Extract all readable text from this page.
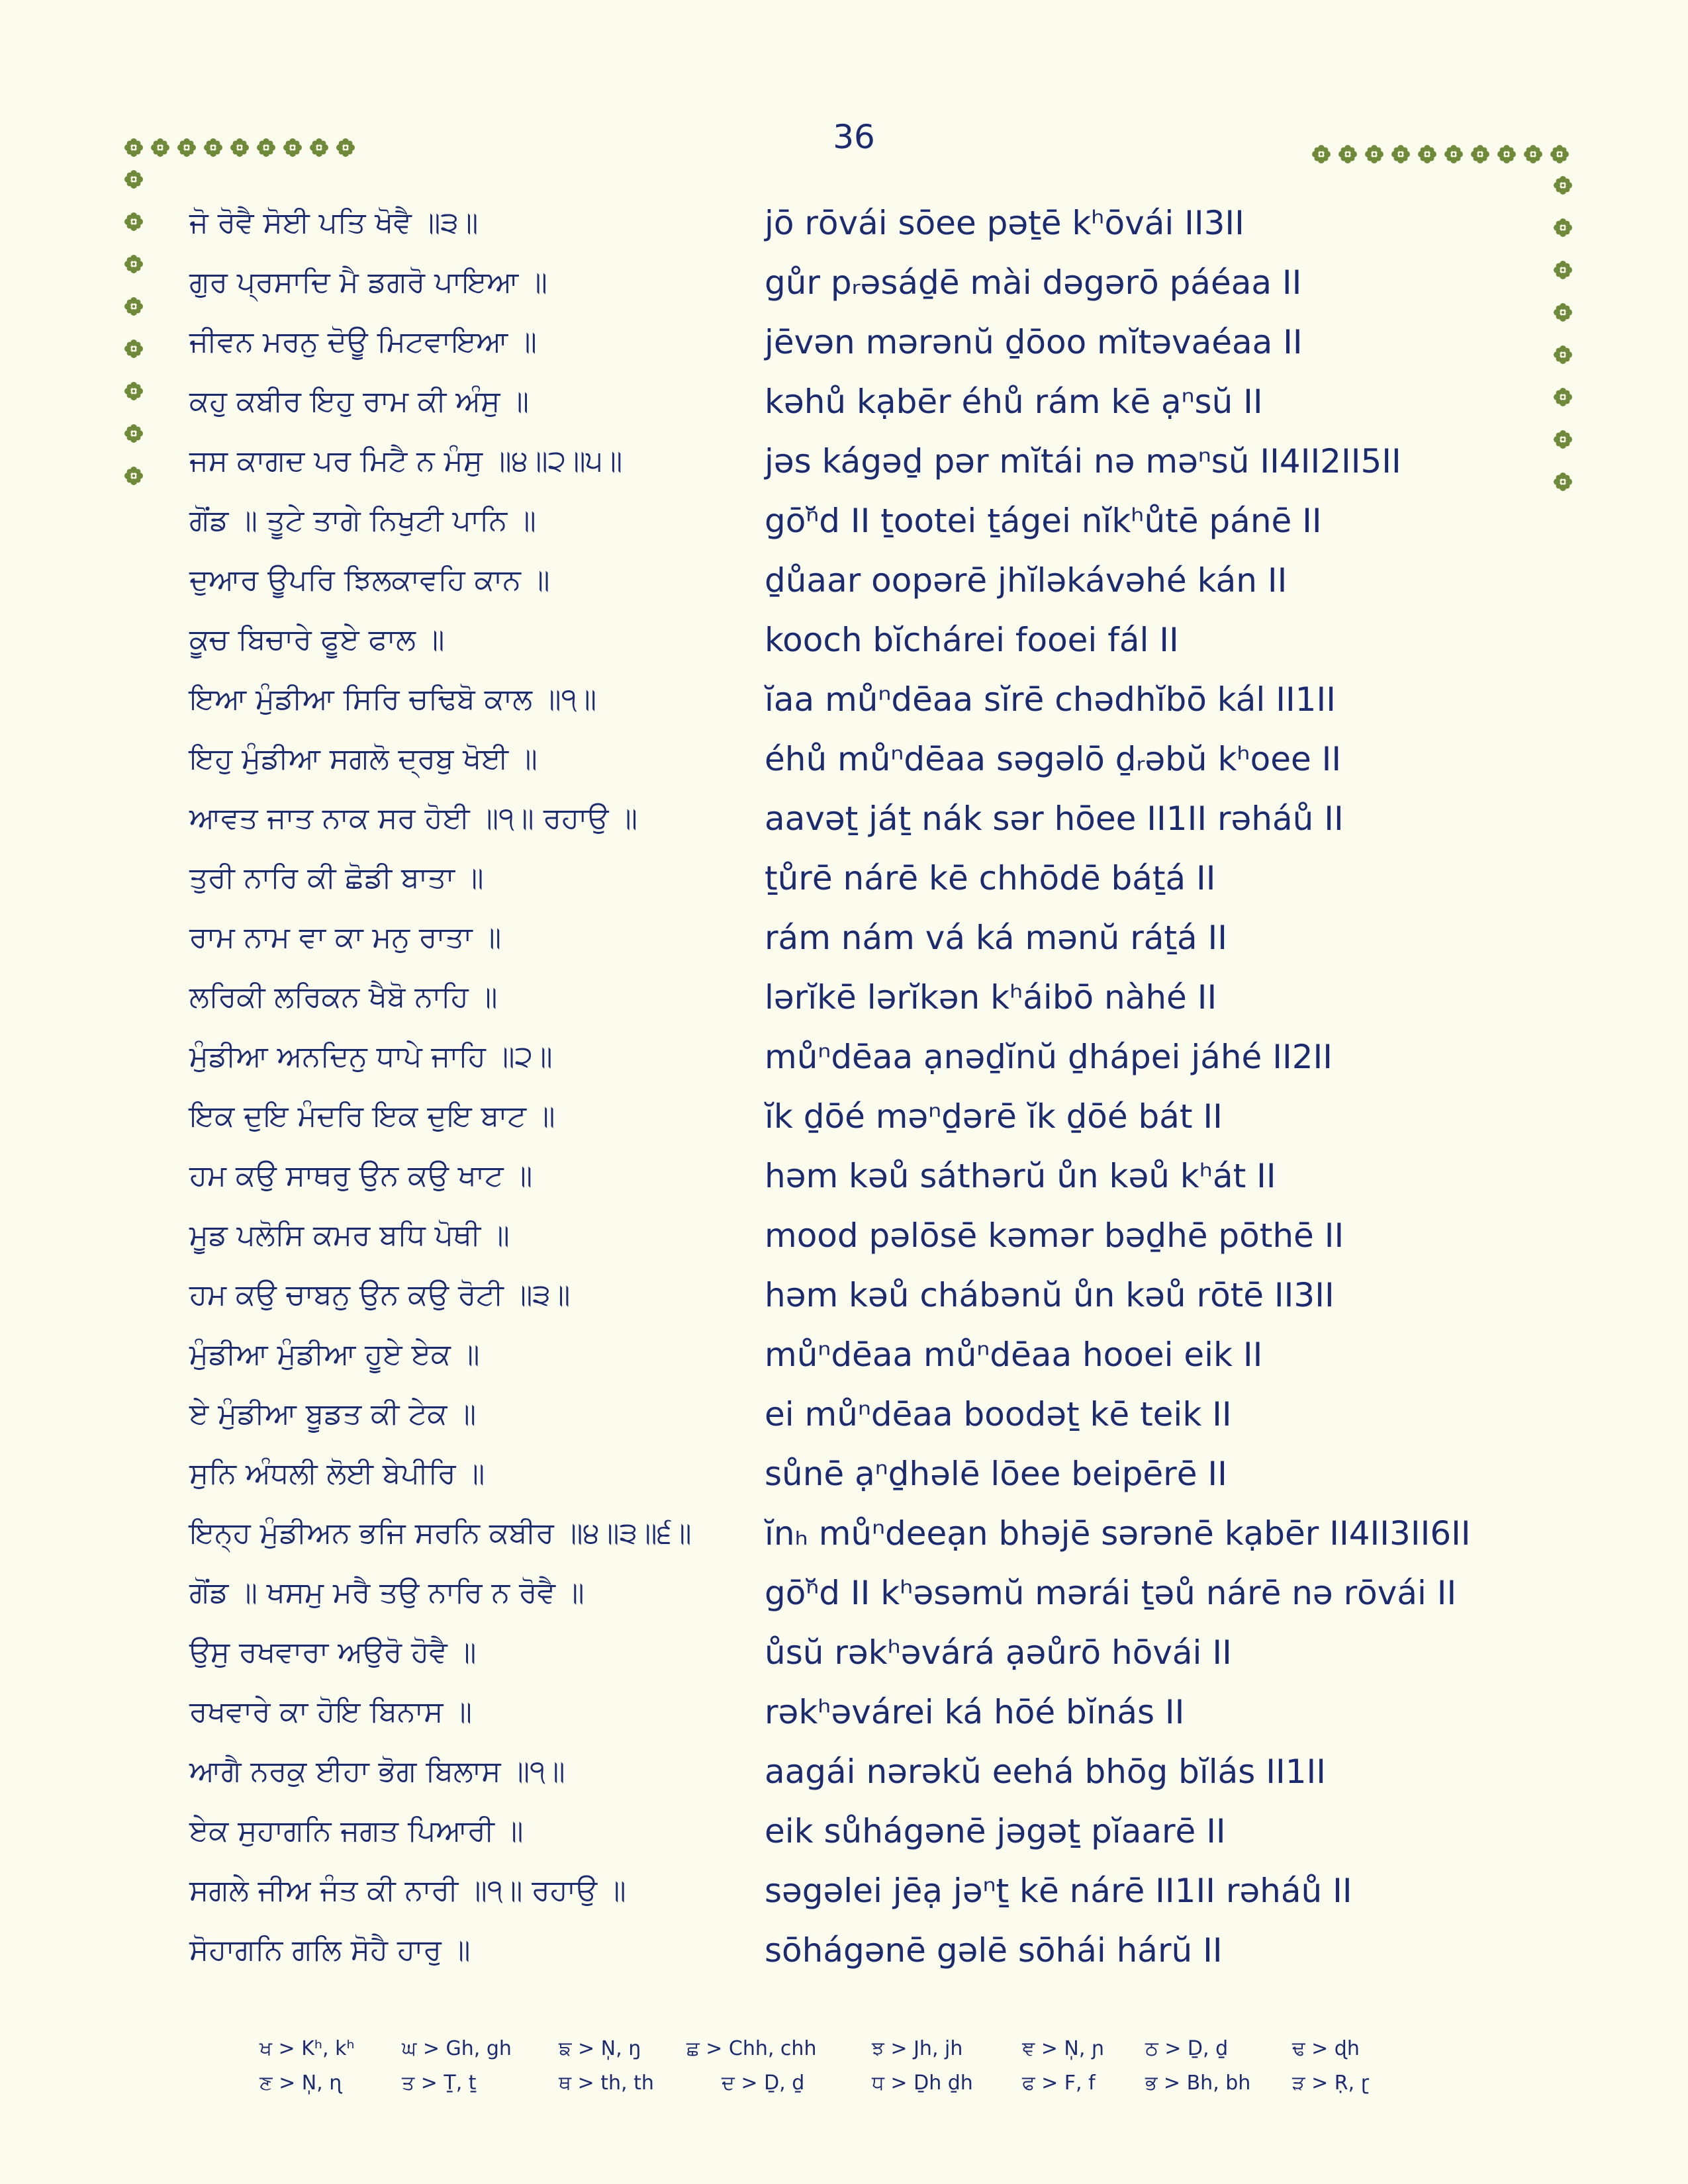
36
ਜੋ ਰੋਵੈ ਸੋਈ ਪਤਿ ਖੋਵੈ ॥੩॥	jō rōvái sōee pəṯē kʰōvái II3II
ਗੁਰ ਪ੍ਰਸਾਦਿ ਮੈ ਡਗਰੋ ਪਾਇਆ ॥	gůr pᵣəsáḏē mài dəgərō páéaa II
ਜੀਵਨ ਮਰਨੁ ਦੋਊ ਮਿਟਵਾਇਆ ॥	jēvən mərənŭ ḏōoo mĭtəvaéaa II
ਕਹੁ ਕਬੀਰ ਇਹੁ ਰਾਮ ਕੀ ਅੰਸੁ ॥	kəhů kạbēr éhů rám kē ạⁿsŭ II
ਜਸ ਕਾਗਦ ਪਰ ਮਿਟੈ ਨ ਮੰਸੁ ॥੪॥੨॥੫॥	jəs kágəḏ pər mĭtái nə məⁿsŭ II4II2II5II
ਗੋਂਡ ॥ ਤੂਟੇ ਤਾਗੇ ਨਿਖੁਟੀ ਪਾਨਿ ॥	gōⁿ̆d II ṯootei ṯágei nĭkʰůtē pánē II
ਦੁਆਰ ਊਪਰਿ ਝਿਲਕਾਵਹਿ ਕਾਨ ॥	ḏůaar oopərē jhĭləkávəhé kán II
ਕੂਚ ਬਿਚਾਰੇ ਫੂਏ ਫਾਲ ॥	kooch bĭchárei fooei fál II
ਇਆ ਮੁੰਡੀਆ ਸਿਰਿ ਚਢਿਬੋ ਕਾਲ ॥੧॥	ĭaa můⁿdēaa sĭrē chədhĭbō kál II1II
ਇਹੁ ਮੁੰਡੀਆ ਸਗਲੋ ਦ੍ਰਬੁ ਖੋਈ ॥	éhů můⁿdēaa səgəlō ḏᵣəbŭ kʰoee II
ਆਵਤ ਜਾਤ ਨਾਕ ਸਰ ਹੋਈ ॥੧॥ ਰਹਾਉ ॥	aavəṯ jáṯ nák sər hōee II1II rəháů II
ਤੁਰੀ ਨਾਰਿ ਕੀ ਛੋਡੀ ਬਾਤਾ ॥	ṯůrē nárē kē chhōdē báṯá II
ਰਾਮ ਨਾਮ ਵਾ ਕਾ ਮਨੁ ਰਾਤਾ ॥	rám nám vá ká mənŭ ráṯá II
ਲਰਿਕੀ ਲਰਿਕਨ ਖੈਬੋ ਨਾਹਿ ॥	lərĭkē lərĭkən kʰáibō nàhé II
ਮੁੰਡੀਆ ਅਨਦਿਨੁ ਧਾਪੇ ਜਾਹਿ ॥੨॥	můⁿdēaa ạnəḏĭnŭ ḏhápei jáhé II2II
ਇਕ ਦੁਇ ਮੰਦਰਿ ਇਕ ਦੁਇ ਬਾਟ ॥	ĭk ḏōé məⁿḏərē ĭk ḏōé bát II
ਹਮ ਕਉ ਸਾਥਰੁ ਉਨ ਕਉ ਖਾਟ ॥	həm kəů sáthərŭ ůn kəů kʰát II
ਮੂਡ ਪਲੋਸਿ ਕਮਰ ਬਧਿ ਪੋਥੀ ॥	mood pəlōsē kəmər bəḏhē pōthē II
ਹਮ ਕਉ ਚਾਬਨੁ ਉਨ ਕਉ ਰੋਟੀ ॥੩॥	həm kəů chábənŭ ůn kəů rōtē II3II
ਮੁੰਡੀਆ ਮੁੰਡੀਆ ਹੂਏ ਏਕ ॥	můⁿdēaa můⁿdēaa hooei eik II
ਏ ਮੁੰਡੀਆ ਬੂਡਤ ਕੀ ਟੇਕ ॥	ei můⁿdēaa boodəṯ kē teik II
ਸੁਨਿ ਅੰਧਲੀ ਲੋਈ ਬੇਪੀਰਿ ॥	sůnē ạⁿḏhəlē lōee beipērē II
ਇਨ੍ਹ ਮੁੰਡੀਅਨ ਭਜਿ ਸਰਨਿ ਕਬੀਰ ॥੪॥੩॥੬॥ ĭnₕ můⁿdeeạn bhəjē sərənē kạbēr II4II3II6II
ਗੋਂਡ ॥ ਖਸਮੁ ਮਰੈ ਤਉ ਨਾਰਿ ਨ ਰੋਵੈ ॥	gōⁿ̆d II kʰəsəmŭ mərái ṯəů nárē nə rōvái II
ਉਸੁ ਰਖਵਾਰਾ ਅਉਰੋ ਹੋਵੈ ॥	ůsŭ rəkʰəvárá ạəůrō hōvái II
ਰਖਵਾਰੇ ਕਾ ਹੋਇ ਬਿਨਾਸ ॥	rəkʰəvárei ká hōé bĭnás II
ਆਗੈ ਨਰਕੁ ਈਹਾ ਭੋਗ ਬਿਲਾਸ ॥੧॥	aagái nərəkŭ eehá bhōg bĭlás II1II
ਏਕ ਸੁਹਾਗਨਿ ਜਗਤ ਪਿਆਰੀ ॥	eik sůhágənē jəgəṯ pĭaarē II
ਸਗਲੇ ਜੀਅ ਜੰਤ ਕੀ ਨਾਰੀ ॥੧॥ ਰਹਾਉ ॥	səgəlei jēạ jəⁿṯ kē nárē II1II rəháů II
ਸੋਹਾਗਨਿ ਗਲਿ ਸੋਹੈ ਹਾਰੁ ॥	sōhágənē gəlē sōhái hárŭ II
ਖ > Kʰ, kʰ	ਘ > Gh, gh	ਙ > N̩, ŋ	ਛ > Chh, chh	ਝ > Jh, jh	ਞ > N̩, ɲ	ਠ > Ḏ, ḏ	ਢ > ɖh
ਣ > N̩, ɳ	ਤ > Ṯ, ṯ	ਥ > th, th	ਦ > Ḏ, ḏ	ਧ > Ḏh ḏh	ਫ > F, f	ਭ > Bh, bh	ੜ > Ṛ, ɽ
